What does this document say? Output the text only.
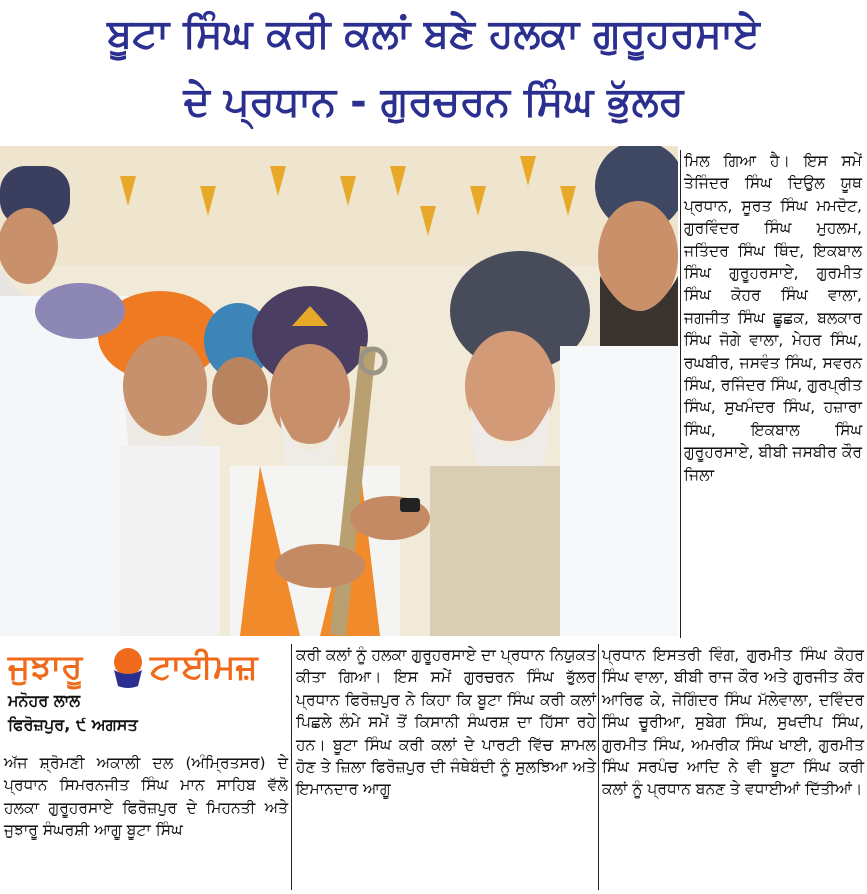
ਬੂਟਾ ਸਿੰਘ ਕਰੀ ਕਲਾਂ ਬਣੇ ਹਲਕਾ ਗੁਰੂਹਰਸਾਏ
ਦੇ ਪ੍ਰਧਾਨ - ਗੁਰਚਰਨ ਸਿੰਘ ਭੁੱਲਰ
ਜੁਝਾਰੂ ਟਾਈਮਜ਼
ਮਨੋਹਰ ਲਾਲ
ਫਿਰੋਜ਼ਪੁਰ, ੯ ਅਗਸਤ
ਅੱਜ ਸ਼੍ਰੋਮਣੀ ਅਕਾਲੀ ਦਲ (ਅੰਮ੍ਰਿਤਸਰ) ਦੇ ਪ੍ਰਧਾਨ ਸਿਮਰਨਜੀਤ ਸਿੰਘ ਮਾਨ ਸਾਹਿਬ ਵੱਲੋ ਹਲਕਾ ਗੁਰੂਹਰਸਾਏ ਫਿਰੋਜ਼ਪੁਰ ਦੇ ਮਿਹਨਤੀ ਅਤੇ ਜੁਝਾਰੂ ਸੰਘਰਸ਼ੀ ਆਗੂ ਬੂਟਾ ਸਿੰਘ
ਕਰੀ ਕਲਾਂ ਨੂੰ ਹਲਕਾ ਗੁਰੂਹਰਸਾਏ ਦਾ ਪ੍ਰਧਾਨ ਨਿਯੁਕਤ ਕੀਤਾ ਗਿਆ। ਇਸ ਸਮੇਂ ਗੁਰਚਰਨ ਸਿੰਘ ਭੁੱਲਰ ਪ੍ਰਧਾਨ ਫਿਰੋਜ਼ਪੁਰ ਨੇ ਕਿਹਾ ਕਿ ਬੂਟਾ ਸਿੰਘ ਕਰੀ ਕਲਾਂ ਪਿਛਲੇ ਲੰਮੇ ਸਮੇਂ ਤੋਂ ਕਿਸਾਨੀ ਸੰਘਰਸ਼ ਦਾ ਹਿੱਸਾ ਰਹੇ ਹਨ। ਬੂਟਾ ਸਿੰਘ ਕਰੀ ਕਲਾਂ ਦੇ ਪਾਰਟੀ ਵਿੱਚ ਸ਼ਾਮਲ ਹੋਣ ਤੇ ਜ਼ਿਲਾ ਫਿਰੋਜ਼ਪੁਰ ਦੀ ਜੰਥੇਬੰਦੀ ਨੂੰ ਸੁਲਝਿਆ ਅਤੇ ਇਮਾਨਦਾਰ ਆਗੂ
ਮਿਲ ਗਿਆ ਹੈ। ਇਸ ਸਮੇਂ ਤੇਜਿੰਦਰ ਸਿੰਘ ਦਿਉਲ ਯੂਥ ਪ੍ਰਧਾਨ, ਸੂਰਤ ਸਿੰਘ ਮਮਦੋਟ, ਗੁਰਵਿੰਦਰ ਸਿੰਘ ਮੁਹਲਮ, ਜਤਿੰਦਰ ਸਿੰਘ ਥਿੰਦ, ਇਕਬਾਲ ਸਿੰਘ ਗੁਰੂਹਰਸਾਏ, ਗੁਰਮੀਤ ਸਿੰਘ ਕੋਹਰ ਸਿੰਘ ਵਾਲਾ, ਜਗਜੀਤ ਸਿੰਘ ਛੂਛਕ, ਬਲਕਾਰ ਸਿੰਘ ਜੋਗੇ ਵਾਲਾ, ਮੇਹਰ ਸਿੰਘ, ਰਘਬੀਰ, ਜਸਵੰਤ ਸਿੰਘ, ਸਵਰਨ ਸਿੰਘ, ਰਜਿੰਦਰ ਸਿੰਘ, ਗੁਰਪ੍ਰੀਤ ਸਿੰਘ, ਸੁਖਮੰਦਰ ਸਿੰਘ, ਹਜ਼ਾਰਾ ਸਿੰਘ, ਇਕਬਾਲ ਸਿੰਘ ਗੁਰੂਹਰਸਾਏ, ਬੀਬੀ ਜਸਬੀਰ ਕੌਰ ਜਿਲਾ
ਪ੍ਰਧਾਨ ਇਸਤਰੀ ਵਿੰਗ, ਗੁਰਮੀਤ ਸਿੰਘ ਕੋਹਰ ਸਿੰਘ ਵਾਲਾ, ਬੀਬੀ ਰਾਜ ਕੌਰ ਅਤੇ ਗੁਰਜੀਤ ਕੌਰ ਆਰਿਫ ਕੇ, ਜੋਗਿੰਦਰ ਸਿੰਘ ਮੱਲੇਵਾਲਾ, ਦਵਿੰਦਰ ਸਿੰਘ ਚੂਰੀਆ, ਸੁਬੇਗ ਸਿੰਘ, ਸੁਖਦੀਪ ਸਿੰਘ, ਗੁਰਮੀਤ ਸਿੰਘ, ਅਮਰੀਕ ਸਿੰਘ ਖਾਈ, ਗੁਰਮੀਤ ਸਿੰਘ ਸਰਪੰਚ ਆਦਿ ਨੇ ਵੀ ਬੂਟਾ ਸਿੰਘ ਕਰੀ ਕਲਾਂ ਨੂੰ ਪ੍ਰਧਾਨ ਬਨਣ ਤੇ ਵਧਾਈਆਂ ਦਿੱਤੀਆਂ।
